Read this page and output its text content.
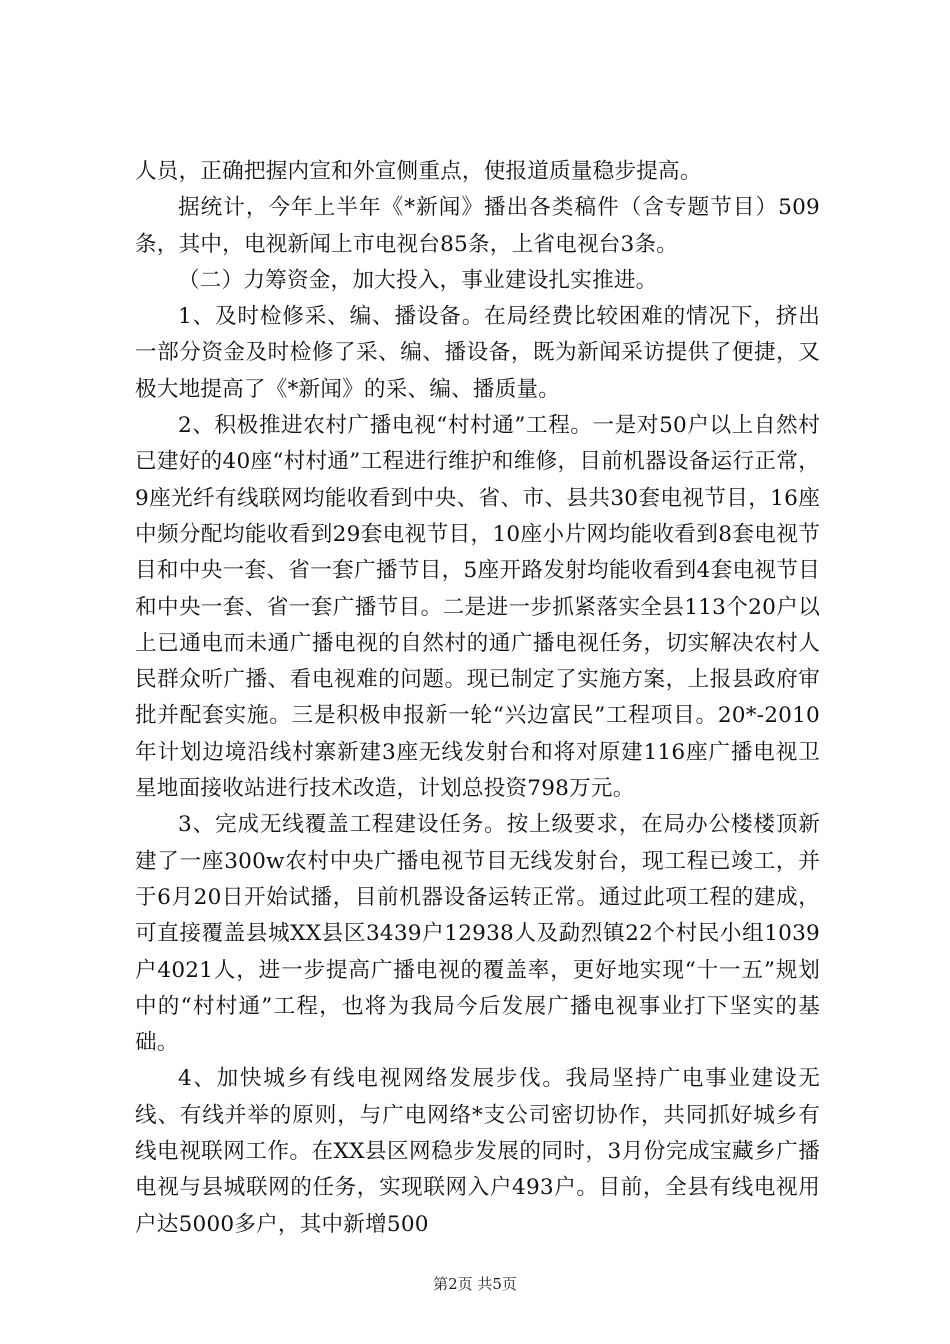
人员，正确把握内宣和外宣侧重点，使报道质量稳步提高。

据统计，今年上半年《*新闻》播出各类稿件（含专题节目）509条，其中，电视新闻上市电视台85条，上省电视台3条。

（二）力筹资金，加大投入，事业建设扎实推进。

1、及时检修采、编、播设备。在局经费比较困难的情况下，挤出一部分资金及时检修了采、编、播设备，既为新闻采访提供了便捷，又极大地提高了《*新闻》的采、编、播质量。

2、积极推进农村广播电视“村村通”工程。一是对50户以上自然村已建好的40座“村村通”工程进行维护和维修，目前机器设备运行正常，9座光纤有线联网均能收看到中央、省、市、县共30套电视节目，16座中频分配均能收看到29套电视节目，10座小片网均能收看到8套电视节目和中央一套、省一套广播节目，5座开路发射均能收看到4套电视节目和中央一套、省一套广播节目。二是进一步抓紧落实全县113个20户以上已通电而未通广播电视的自然村的通广播电视任务，切实解决农村人民群众听广播、看电视难的问题。现已制定了实施方案，上报县政府审批并配套实施。三是积极申报新一轮“兴边富民”工程项目。20*-2010年计划边境沿线村寨新建3座无线发射台和将对原建116座广播电视卫星地面接收站进行技术改造，计划总投资798万元。

3、完成无线覆盖工程建设任务。按上级要求，在局办公楼楼顶新建了一座300w农村中央广播电视节目无线发射台，现工程已竣工，并于6月20日开始试播，目前机器设备运转正常。通过此项工程的建成，可直接覆盖县城XX县区3439户12938人及勐烈镇22个村民小组1039户4021人，进一步提高广播电视的覆盖率，更好地实现“十一五”规划中的“村村通”工程，也将为我局今后发展广播电视事业打下坚实的基础。

4、加快城乡有线电视网络发展步伐。我局坚持广电事业建设无线、有线并举的原则，与广电网络*支公司密切协作，共同抓好城乡有线电视联网工作。在XX县区网稳步发展的同时，3月份完成宝藏乡广播电视与县城联网的任务，实现联网入户493户。目前，全县有线电视用户达5000多户，其中新增500

第2页 共5页
